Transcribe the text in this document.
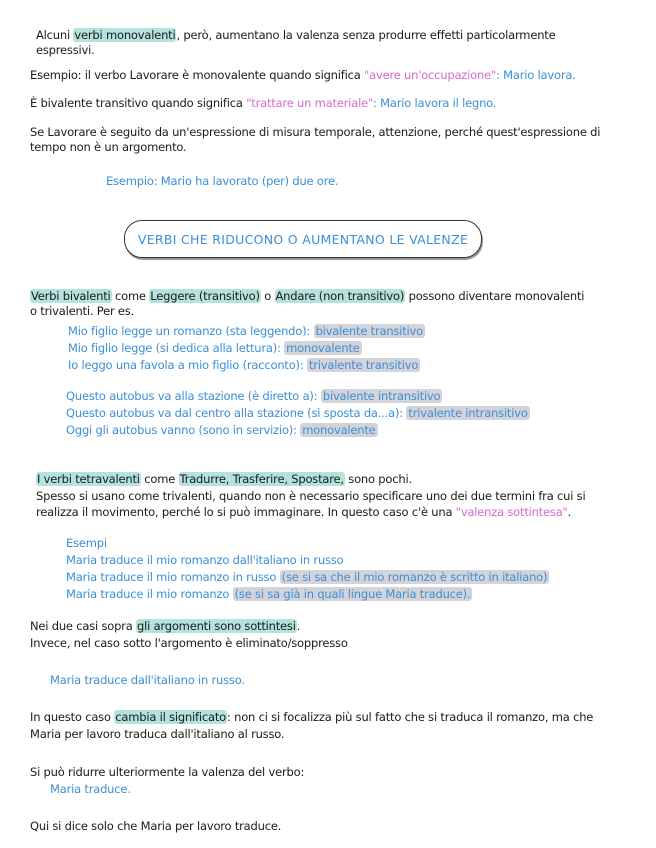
Alcuni verbi monovalenti, però, aumentano la valenza senza produrre effetti particolarmente
espressivi.
Esempio: il verbo Lavorare è monovalente quando significa "avere un'occupazione": Mario lavora.
È bivalente transitivo quando significa "trattare un materiale": Mario lavora il legno.
Se Lavorare è seguito da un'espressione di misura temporale, attenzione, perché quest'espressione di
tempo non è un argomento.
Esempio: Mario ha lavorato (per) due ore.
VERBI CHE RIDUCONO O AUMENTANO LE VALENZE
Verbi bivalenti come Leggere (transitivo) o Andare (non transitivo) possono diventare monovalenti
o trivalenti. Per es.
Mio figlio legge un romanzo (sta leggendo): bivalente transitivo
Mio figlio legge (si dedica alla lettura): monovalente
Io leggo una favola a mio figlio (racconto): trivalente transitivo
Questo autobus va alla stazione (è diretto a): bivalente intransitivo
Questo autobus va dal centro alla stazione (si sposta da...a): trivalente intransitivo
Oggi gli autobus vanno (sono in servizio): monovalente
I verbi tetravalenti come Tradurre, Trasferire, Spostare, sono pochi.
Spesso si usano come trivalenti, quando non è necessario specificare uno dei due termini fra cui si
realizza il movimento, perché lo si può immaginare. In questo caso c'è una "valenza sottintesa".
Esempi
Maria traduce il mio romanzo dall'italiano in russo
Maria traduce il mio romanzo in russo (se si sa che il mio romanzo è scritto in italiano)
Maria traduce il mio romanzo (se si sa già in quali lingue Maria traduce).
Nei due casi sopra gli argomenti sono sottintesi.
Invece, nel caso sotto l'argomento è eliminato/soppresso
Maria traduce dall'italiano in russo.
In questo caso cambia il significato: non ci si focalizza più sul fatto che si traduca il romanzo, ma che
Maria per lavoro traduca dall'italiano al russo.
Si può ridurre ulteriormente la valenza del verbo:
Maria traduce.
Qui si dice solo che Maria per lavoro traduce.
